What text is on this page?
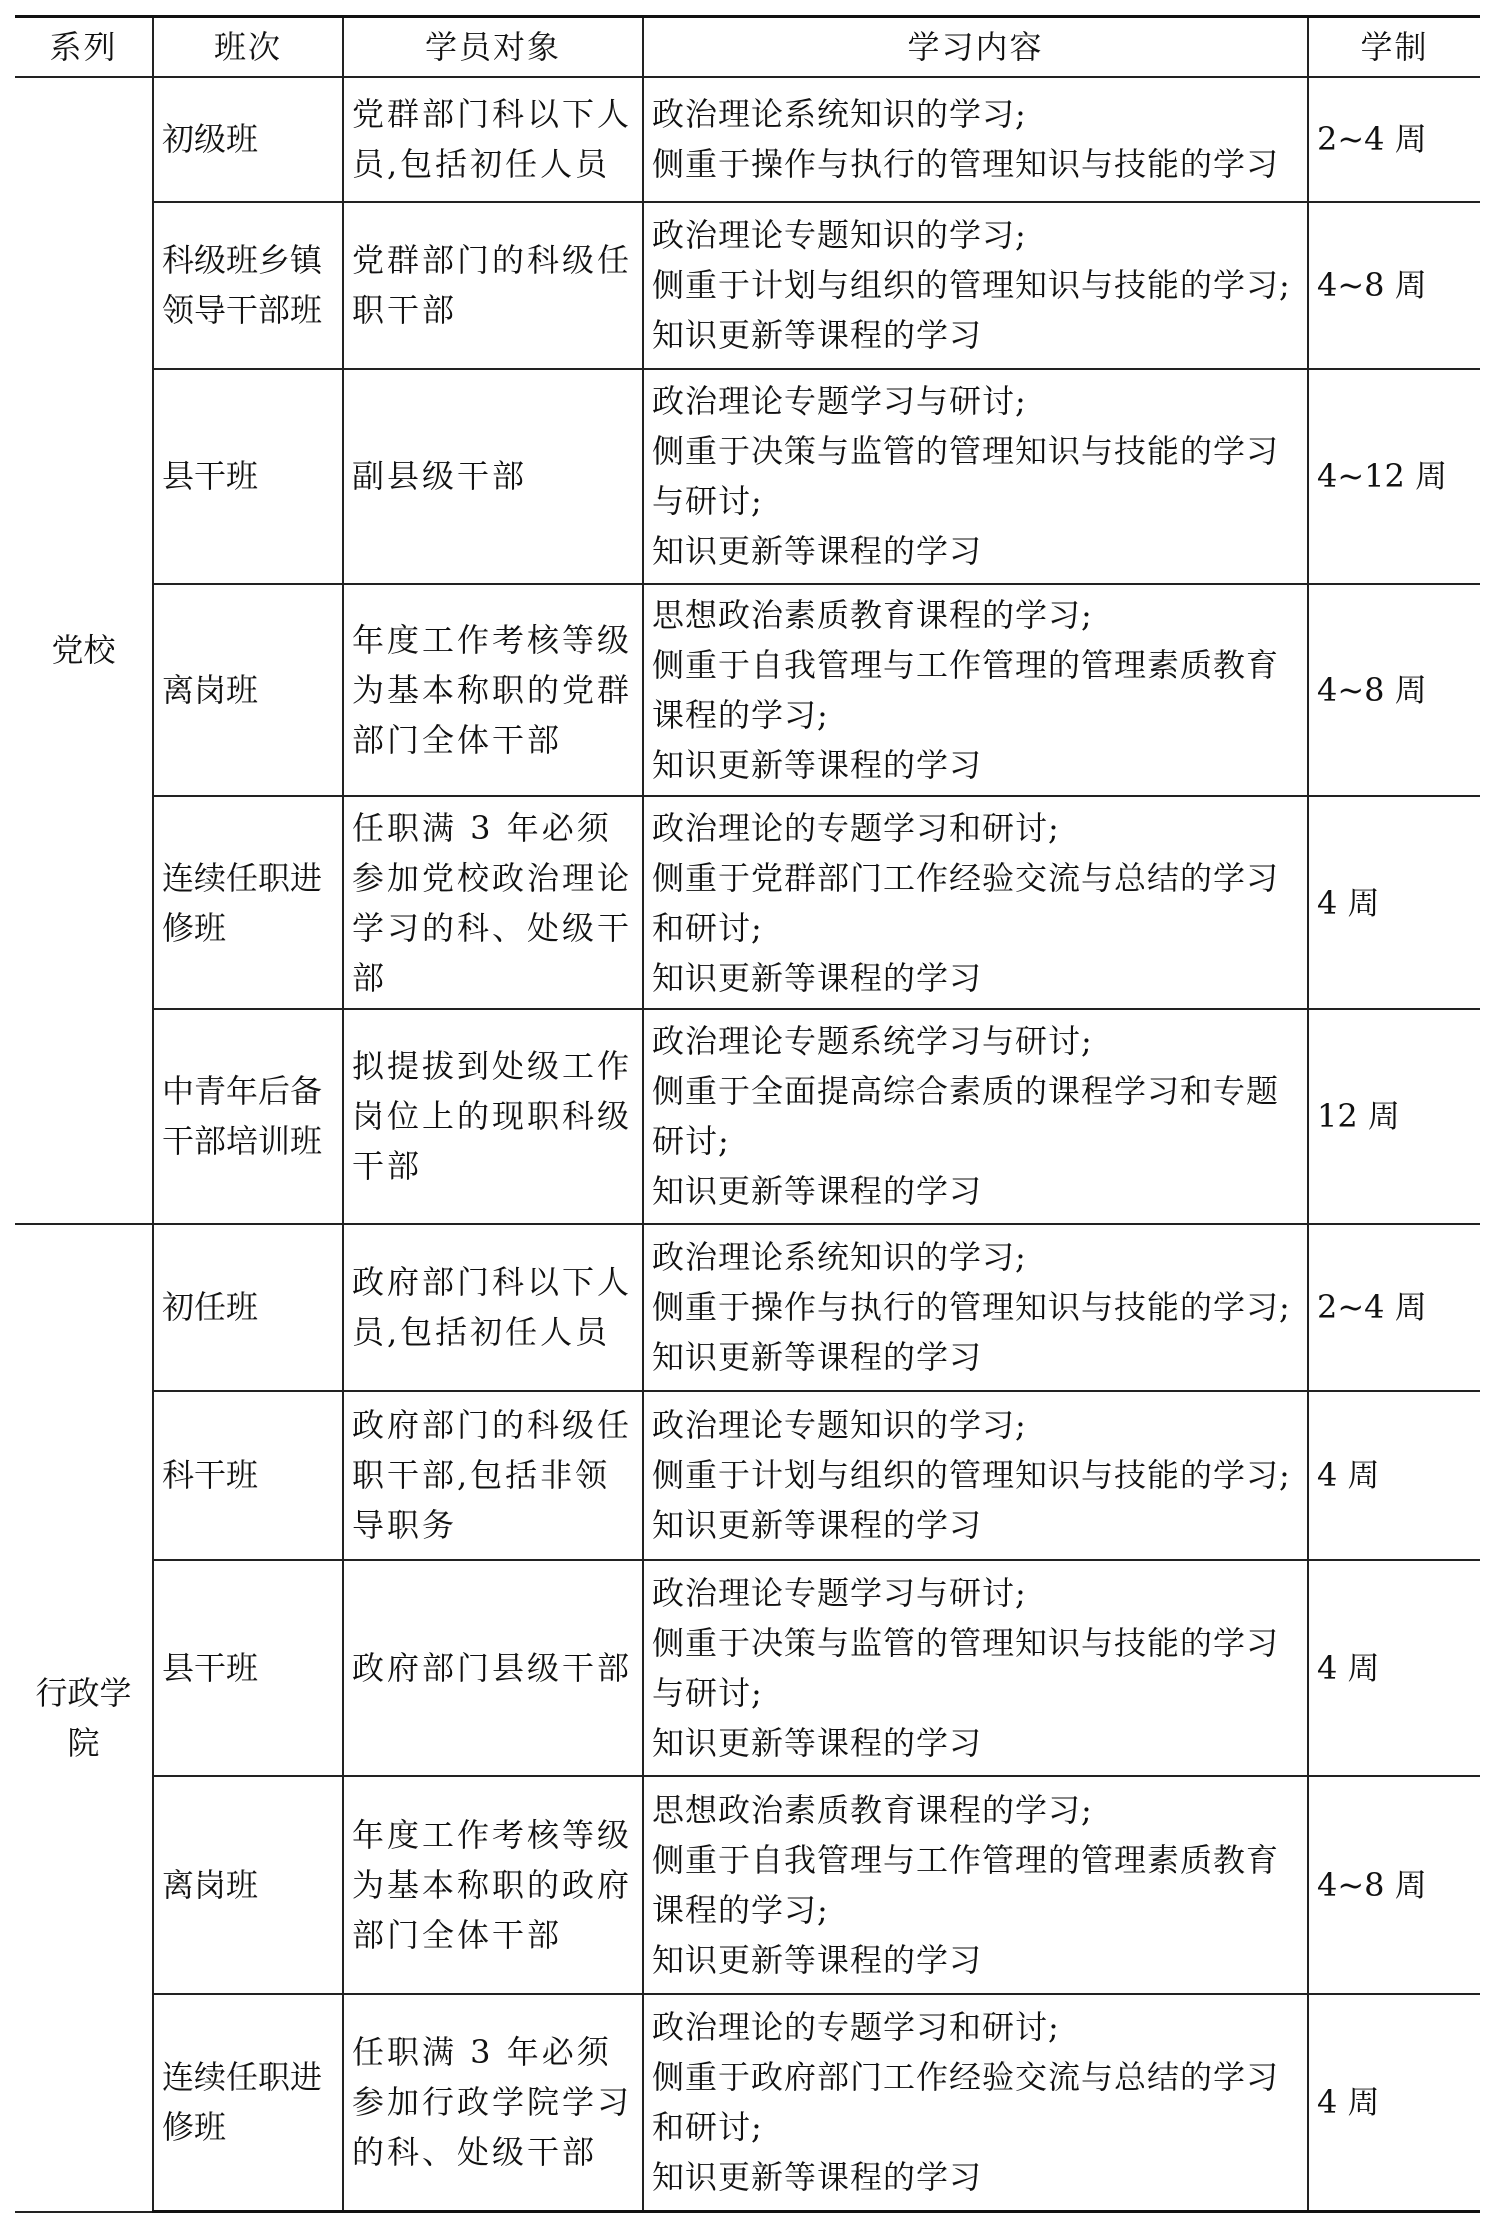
系列	班次	学员对象	学习内容	学制
党校	初级班	党群部门科以下人员,包括初任人员	政治理论系统知识的学习;
侧重于操作与执行的管理知识与技能的学习	2~4 周
	科级班乡镇领导干部班	党群部门的科级任职干部	政治理论专题知识的学习;
侧重于计划与组织的管理知识与技能的学习;
知识更新等课程的学习	4~8 周
	县干班	副县级干部	政治理论专题学习与研讨;
侧重于决策与监管的管理知识与技能的学习与研讨;
知识更新等课程的学习	4~12 周
	离岗班	年度工作考核等级为基本称职的党群部门全体干部	思想政治素质教育课程的学习;
侧重于自我管理与工作管理的管理素质教育课程的学习;
知识更新等课程的学习	4~8 周
	连续任职进修班	任职满 3 年必须参加党校政治理论学习的科、处级干部	政治理论的专题学习和研讨;
侧重于党群部门工作经验交流与总结的学习和研讨;
知识更新等课程的学习	4 周
	中青年后备干部培训班	拟提拔到处级工作岗位上的现职科级干部	政治理论专题系统学习与研讨;
侧重于全面提高综合素质的课程学习和专题研讨;
知识更新等课程的学习	12 周
行政学院	初任班	政府部门科以下人员,包括初任人员	政治理论系统知识的学习;
侧重于操作与执行的管理知识与技能的学习;
知识更新等课程的学习	2~4 周
	科干班	政府部门的科级任职干部,包括非领导职务	政治理论专题知识的学习;
侧重于计划与组织的管理知识与技能的学习;
知识更新等课程的学习	4 周
	县干班	政府部门县级干部	政治理论专题学习与研讨;
侧重于决策与监管的管理知识与技能的学习与研讨;
知识更新等课程的学习	4 周
	离岗班	年度工作考核等级为基本称职的政府部门全体干部	思想政治素质教育课程的学习;
侧重于自我管理与工作管理的管理素质教育课程的学习;
知识更新等课程的学习	4~8 周
	连续任职进修班	任职满 3 年必须参加行政学院学习的科、处级干部	政治理论的专题学习和研讨;
侧重于政府部门工作经验交流与总结的学习和研讨;
知识更新等课程的学习	4 周
